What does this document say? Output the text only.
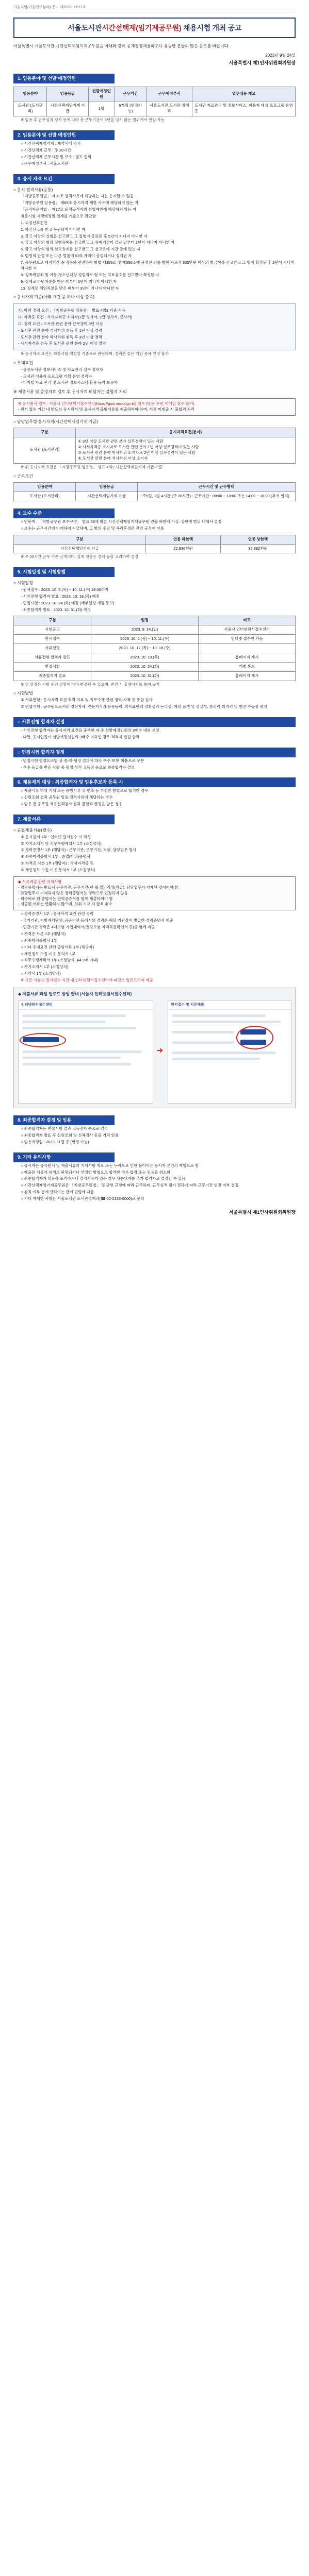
기술직렬(기술연구분야) 공고 제2023 - 0671호
서울도시관시간선택제(임기제공무원) 채용시험 개최 공고
서울특별시 서울도서관 시간선택제임기제공무원을 아래와 같이 공개경쟁채용하오니 유능한 분들의 많은 응모를 바랍니다.
2023년 9월 24일
서울특별시 제1인사위원회위원장
1. 임용분야 및 선발 예정인원
임용분야	임용등급	선발예정인원	근무기간	근무예정부서	업무내용 개요
도서관 (도서관리)	시간선택제임기제 가급	1명	6개월 (연장가능)	서울도서관 도서관 정책과	도서관 자료관리 및 정보서비스, 이용자 대상 프로그램 운영 등
※ 임용 후 근무실적 평가 등에 따라 총 근무기간이 5년을 넘지 않는 범위에서 연장 가능
2. 임용분야 및 선발 예정인원
○ 시간선택제임기제 : 계약서에 명시
○ 시간선택제 근무 : 주 20시간
○ 시간선택제 근무시간 및 보수 : 별도 협의
○ 근무예정부서 : 서울도서관
3. 응시 자격 요건
○ 응시 결격사유(공통)
「지방공무원법」 제31조 결격사유에 해당하는 자는 응시할 수 없음
「지방공무원 임용령」 제65조 응시자격 제한 사유에 해당하지 않는 자
「공직자윤리법」 제17조 퇴직공직자의 취업제한에 해당하지 않는 자
최종시험 시행예정일 현재를 기준으로 판단함
1. 피성년후견인
2. 파산선고를 받고 복권되지 아니한 자
3. 금고 이상의 실형을 선고받고 그 집행이 종료된 후 5년이 지나지 아니한 자
4. 금고 이상의 형의 집행유예를 선고받고 그 유예기간이 끝난 날부터 2년이 지나지 아니한 자
5. 금고 이상의 형의 선고유예를 선고받고 그 선고유예 기간 중에 있는 자
6. 법원의 판결 또는 다른 법률에 따라 자격이 상실되거나 정지된 자
7. 공무원으로 재직기간 중 직무와 관련하여 형법 제355조 및 제356조에 규정된 죄를 범한 자로서 300만원 이상의 벌금형을 선고받고 그 형이 확정된 후 2년이 지나지 아니한 자
8. 성폭력범죄 및 아동·청소년대상 성범죄로 형 또는 치료감호를 선고받아 확정된 자
9. 징계로 파면처분을 받은 때부터 5년이 지나지 아니한 자
10. 징계로 해임처분을 받은 때부터 3년이 지나지 아니한 자
○ 응시자격 기준(아래 요건 중 하나 이상 충족)
가. 학력·경력 요건 : 「지방공무원 임용령」 별표 4의2 기준 적용
나. 자격증 요건 : 사서자격증 소지자(1급 정사서, 2급 정사서, 준사서)
다. 경력 요건 : 도서관 관련 분야 근무경력 3년 이상
- 도서관 관련 분야 석사학위 취득 후 1년 이상 경력
- 도서관 관련 분야 학사학위 취득 후 3년 이상 경력
- 사서자격증 취득 후 도서관 관련 분야 2년 이상 경력
※ 응시자격 요건은 최종시험 예정일 기준으로 판단하며, 경력은 같은 기간 중복 인정 불가
○ 우대요건
- 공공도서관 정보서비스 및 자료관리 실무 경력자
- 도서관 이용자 프로그램 기획·운영 경력자
- 디지털 자료 관리 및 도서관 정보시스템 활용 능력 보유자
※ 제출서류 및 증빙자료 검토 후 응시자격 미달자는 불합격 처리
※ 응시원서 접수 : 서울시 인터넷원서접수센터(https://gosi.seoul.go.kr) 접수 (방문·우편·이메일 접수 불가)
- 원서 접수 기간 내 반드시 응시원서 및 응시자격 증빙서류를 제출하여야 하며, 서류 미제출 시 불합격 처리
○ 담당업무별 응시자격(시간선택제임기제 가급)
구분	응시자격요건(분야)
도서관 (도서관리)	① 3년 이상 도서관 관련 분야 실무경력이 있는 사람
② 사서자격증 소지자로 도서관 관련 분야 1년 이상 실무경력이 있는 사람
③ 도서관 관련 분야 학사학위 소지자로 2년 이상 실무경력이 있는 사람
④ 도서관 관련 분야 석사학위 이상 소지자
※ 위 응시자격 요건은 「지방공무원 임용령」 별표 4의2 시간선택제임기제 가급 기준
○ 근무조건
임용분야	임용등급	근무시간 및 근무형태
도서관 (도서관리)	시간선택제임기제 가급	- 주5일, 1일 4시간 (주 20시간) - 근무시간 : 09:00 ~ 13:00 또는 14:00 ~ 18:00 (부서 협의)
4. 보수 수준
○ 연봉액 : 「지방공무원 보수규정」 별표 33에 따른 시간선택제임기제공무원 연봉 하한액 이상, 상한액 범위 내에서 결정
○ 보수는 근무시간에 비례하여 지급하며, 그 밖의 수당 및 복리후생은 관련 규정에 따름
구분	연봉 하한액	연봉 상한액
시간선택제임기제 가급	22,936천원	32,882천원
※ 주 20시간 근무 기준 금액이며, 실제 연봉은 경력 등을 고려하여 결정
5. 시험일정 및 시험방법
○ 시험일정
- 원서접수 : 2023. 10. 5.(목) ~ 10. 11.(수) 18:00까지
- 서류전형 합격자 발표 : 2023. 10. 19.(목) 예정
- 면접시험 : 2023. 10. 24.(화) 예정 (세부일정 개별 통보)
- 최종합격자 발표 : 2023. 10. 31.(화) 예정
구분	일정	비고
시험공고	2023. 9. 24.(일)	서울시 인터넷원서접수센터
원서접수	2023. 10. 5.(목) ~ 10. 11.(수)	인터넷 접수만 가능
서류전형	2023. 10. 12.(목) ~ 10. 18.(수)	
서류전형 합격자 발표	2023. 10. 19.(목)	홈페이지 게시
면접시험	2023. 10. 24.(화)	개별 통보
최종합격자 발표	2023. 10. 31.(화)	홈페이지 게시
※ 위 일정은 시험 운영 상황에 따라 변경될 수 있으며, 변경 시 홈페이지를 통해 공지
○ 시험방법
① 서류전형 : 응시자격 요건 적격 여부 및 직무수행 관련 경력·자격 등 종합 심사
② 면접시험 : 공무원으로서의 정신자세, 전문지식과 응용능력, 의사표현의 정확성과 논리성, 예의·품행 및 성실성, 창의력·의지력 및 발전 가능성 평정
○ 서류전형 합격자 결정
- 서류전형 합격자는 응시자격 요건을 충족한 자 중 선발예정인원의 3배수 내외 선정
- 다만, 응시인원이 선발예정인원의 3배수 이하인 경우 적격자 전원 합격
○ 면접시험 합격자 결정
- 면접시험 평정요소별 상·중·하 평정 결과에 따라 우수·보통·미흡으로 구분
- 우수 등급을 받은 사람 중 평정 성적 고득점 순으로 최종합격자 결정
6. 채용제외 대상 : 최종합격자 및 임용후보자 등록 시
○ 제출서류 허위 기재 또는 증빙서류 위·변조 등 부정한 방법으로 합격한 경우
○ 신원조회 결과 공무원 임용 결격사유에 해당하는 경우
○ 임용 전 공무원 채용신체검사 결과 불합격 판정을 받은 경우
7. 제출서류
○ 공통제출서류(필수)
① 응시원서 1부 : 인터넷 원서접수 시 작성
② 자기소개서 및 직무수행계획서 1부 (소정양식)
③ 경력증명서 1부 (해당자) : 근무기관, 근무기간, 직위, 담당업무 명시
④ 최종학력증명서 1부 : 졸업(학위)증명서
⑤ 자격증 사본 1부 (해당자) : 사서자격증 등
⑥ 개인정보 수집·이용 동의서 1부 (소정양식)
◆ 서류제출 관련 유의사항
- 경력증명서는 반드시 근무기관, 근무기간(년·월·일), 직위(직급), 담당업무가 기재된 것이어야 함
- 담당업무가 기재되지 않은 경력증명서는 경력으로 인정하지 않음
- 외국어로 된 증명서는 번역공증서를 함께 제출하여야 함
- 제출된 서류는 반환하지 않으며, 허위 기재 시 합격 취소
○ 경력증명서 1부 : 응시자격 요건 관련 경력
- 국가기관, 지방자치단체, 공공기관 등에서의 경력은 해당 기관장이 발급한 경력증명서 제출
- 민간기관 경력은 4대보험 가입내역서(건강보험 자격득실확인서 등)를 함께 제출
○ 자격증 사본 1부 (해당자)
○ 최종학력증명서 1부
○ 기타 우대요건 관련 증빙서류 1부 (해당자)
○ 개인정보 수집·이용 동의서 1부
○ 직무수행계획서 1부 (소정양식, A4 2매 이내)
○ 자기소개서 1부 (소정양식)
○ 서약서 1부 (소정양식)
※ 모든 서류는 원서접수 기간 내 인터넷원서접수센터에 파일로 업로드하여 제출
◆ 제출서류 파일 업로드 방법 안내 (서울시 인터넷원서접수센터)
인터넷원서접수센터
➜
원서접수 및 서류제출
8. 최종합격자 결정 및 임용
○ 최종합격자는 면접시험 결과 고득점자 순으로 결정
○ 최종합격자 발표 후 신원조회 및 신체검사 등을 거쳐 임용
○ 임용예정일 : 2023. 11월 중 (변경 가능)
9. 기타 유의사항
○ 응시자는 응시원서 및 제출서류의 기재사항 착오 또는 누락으로 인한 불이익은 응시자 본인의 책임으로 함
○ 제출된 서류가 허위로 판명되거나 부정한 방법으로 합격한 경우 합격 또는 임용을 취소함
○ 최종합격자가 임용을 포기하거나 결격사유가 있는 경우 차순위자를 추가 합격자로 결정할 수 있음
○ 시간선택제임기제공무원은 「지방공무원법」 및 관련 규정에 따라 근무하며, 근무실적 평가 결과에 따라 근무기간 연장 여부 결정
○ 겸직 여부 등에 관하여는 관계 법령에 따름
○ 기타 자세한 사항은 서울도서관 도서관정책과(☎ 02-2133-0000)로 문의
서울특별시 제1인사위원회위원장
